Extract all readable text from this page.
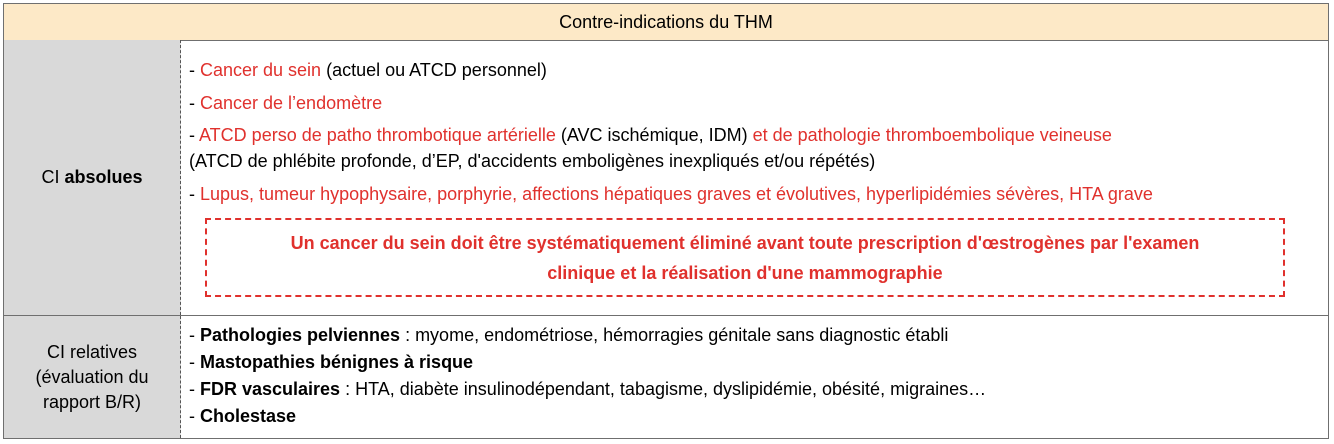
Contre-indications du THM
CI absolues
- Cancer du sein (actuel ou ATCD personnel)
- Cancer de l’endomètre
- ATCD perso de patho thrombotique artérielle (AVC ischémique, IDM) et de pathologie thromboembolique veineuse
(ATCD de phlébite profonde, d’EP, d'accidents emboligènes inexpliqués et/ou répétés)
- Lupus, tumeur hypophysaire, porphyrie, affections hépatiques graves et évolutives, hyperlipidémies sévères, HTA grave
Un cancer du sein doit être systématiquement éliminé avant toute prescription d'œstrogènes par l'examen
clinique et la réalisation d'une mammographie
CI relatives
(évaluation du
rapport B/R)
- Pathologies pelviennes : myome, endométriose, hémorragies génitale sans diagnostic établi
- Mastopathies bénignes à risque
- FDR vasculaires : HTA, diabète insulinodépendant, tabagisme, dyslipidémie, obésité, migraines…
- Cholestase
